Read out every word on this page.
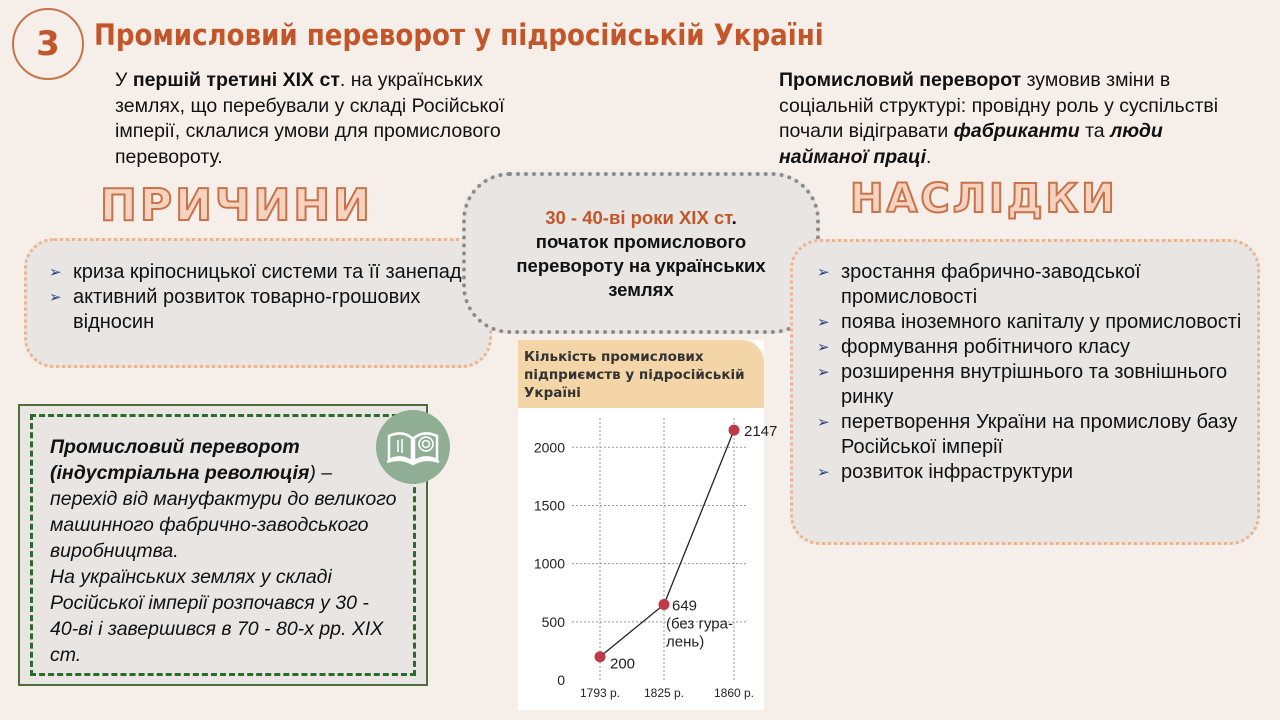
3 Промисловий переворот у підросійській Україні
У першій третині XIX ст. на українських землях, що перебували у складі Російської імперії, склалися умови для промислового перевороту.
Промисловий переворот зумовив зміни в соціальній структурі: провідну роль у суспільстві почали відігравати фабриканти та люди найманої праці.
ПРИЧИНИ	НАСЛІДКИ
➢ криза кріпосницької системи та її занепад
➢ активний розвиток товарно-грошових відносин
30 - 40-ві роки XIX ст.
початок промислового перевороту на українських землях
➢ зростання фабрично-заводської промисловості
➢ поява іноземного капіталу у промисловості
➢ формування робітничого класу
➢ розширення внутрішнього та зовнішнього ринку
➢ перетворення України на промислову базу Російської імперії
➢ розвиток інфраструктури
Промисловий переворот
(індустріальна революція) – перехід від мануфактури до великого машинного фабрично-заводського виробництва.
На українських землях у складі Російської імперії розпочався у 30 - 40-ві і завершився в 70 - 80-х рр. XIX ст.
Кількість промислових підприємств у підросійській Україні
0
500
1000
1500
2000
1793 р. 1825 р. 1860 р.
200
649
2147
(без гура-
лень)
